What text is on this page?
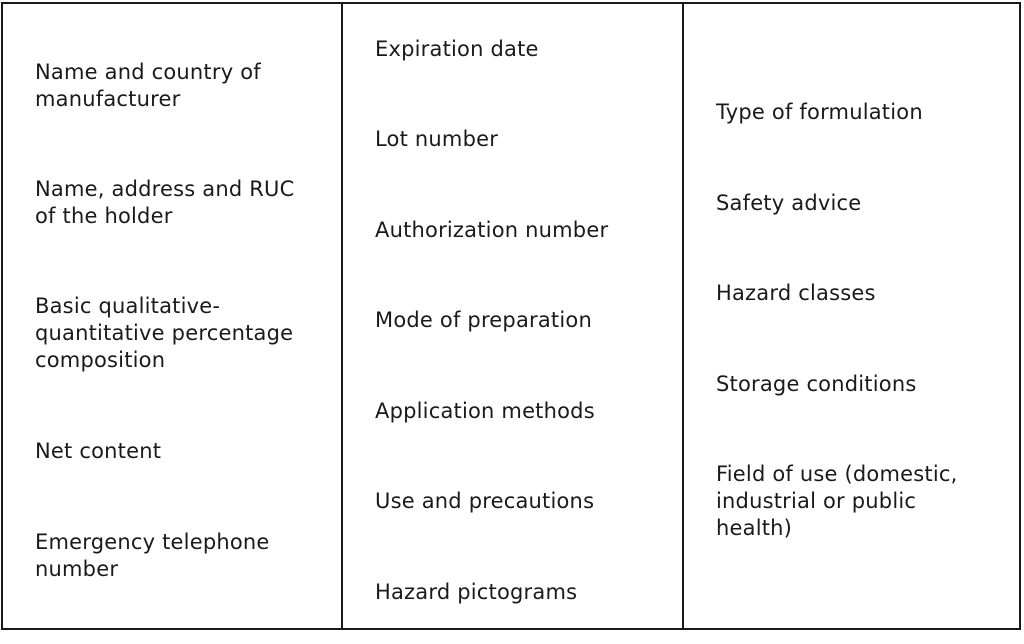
Name and country of
manufacturer

Name, address and RUC
of the holder

Basic qualitative-
quantitative percentage
composition

Net content

Emergency telephone
number

Expiration date

Lot number

Authorization number

Mode of preparation

Application methods

Use and precautions

Hazard pictograms

Type of formulation

Safety advice

Hazard classes

Storage conditions

Field of use (domestic,
industrial or public
health)
